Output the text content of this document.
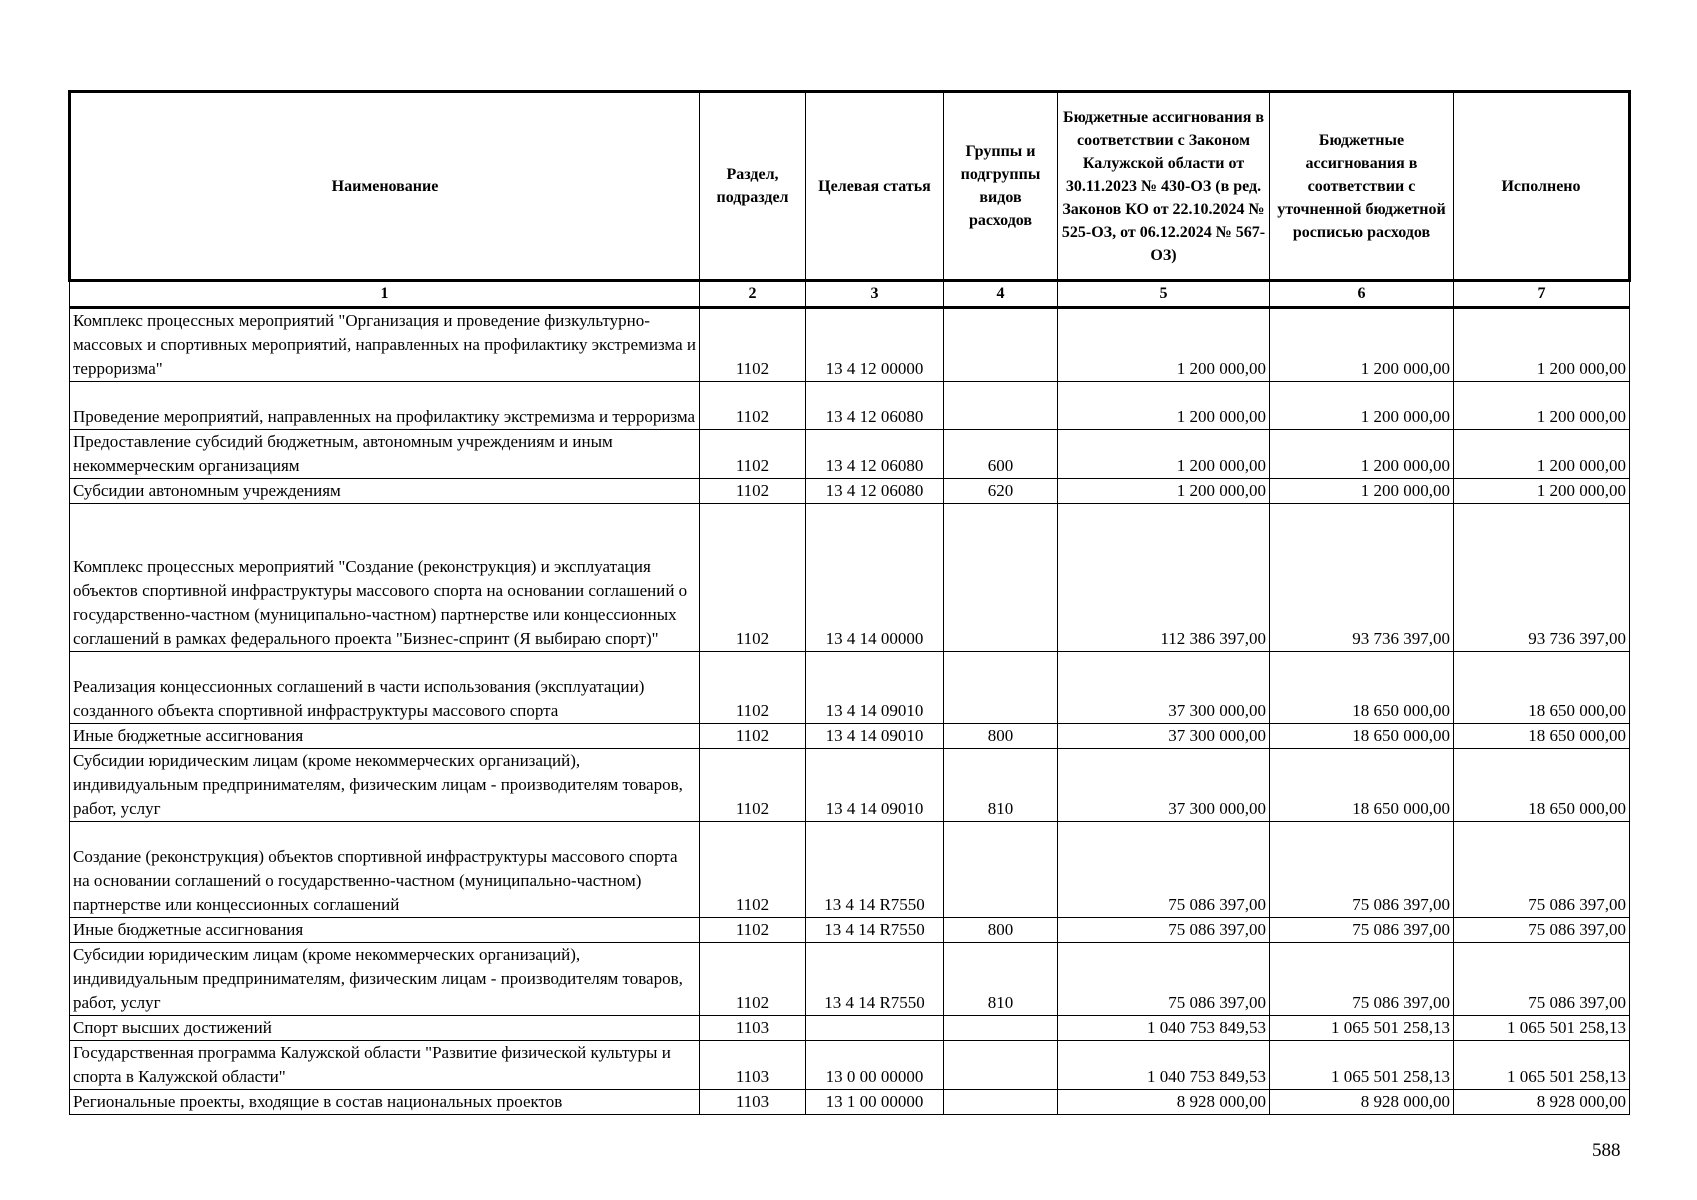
Наименование	Раздел, подраздел	Целевая статья	Группы и подгруппы видов расходов	Бюджетные ассигнования в соответствии с Законом Калужской области от 30.11.2023 № 430-ОЗ (в ред. Законов КО от 22.10.2024 № 525-ОЗ, от 06.12.2024 № 567-ОЗ)	Бюджетные ассигнования в соответствии с уточненной бюджетной росписью расходов	Исполнено
1	2	3	4	5	6	7
Комплекс процессных мероприятий "Организация и проведение физкультурно-массовых и спортивных мероприятий, направленных на профилактику экстремизма и терроризма"	1102	13 4 12 00000		1 200 000,00	1 200 000,00	1 200 000,00
Проведение мероприятий, направленных на профилактику экстремизма и терроризма	1102	13 4 12 06080		1 200 000,00	1 200 000,00	1 200 000,00
Предоставление субсидий бюджетным, автономным учреждениям и иным некоммерческим организациям	1102	13 4 12 06080	600	1 200 000,00	1 200 000,00	1 200 000,00
Субсидии автономным учреждениям	1102	13 4 12 06080	620	1 200 000,00	1 200 000,00	1 200 000,00
Комплекс процессных мероприятий "Создание (реконструкция) и эксплуатация объектов спортивной инфраструктуры массового спорта на основании соглашений о государственно-частном (муниципально-частном) партнерстве или концессионных соглашений в рамках федерального проекта "Бизнес-спринт (Я выбираю спорт)"	1102	13 4 14 00000		112 386 397,00	93 736 397,00	93 736 397,00
Реализация концессионных соглашений в части использования (эксплуатации) созданного объекта спортивной инфраструктуры массового спорта	1102	13 4 14 09010		37 300 000,00	18 650 000,00	18 650 000,00
Иные бюджетные ассигнования	1102	13 4 14 09010	800	37 300 000,00	18 650 000,00	18 650 000,00
Субсидии юридическим лицам (кроме некоммерческих организаций), индивидуальным предпринимателям, физическим лицам - производителям товаров, работ, услуг	1102	13 4 14 09010	810	37 300 000,00	18 650 000,00	18 650 000,00
Создание (реконструкция) объектов спортивной инфраструктуры массового спорта на основании соглашений о государственно-частном (муниципально-частном) партнерстве или концессионных соглашений	1102	13 4 14 R7550		75 086 397,00	75 086 397,00	75 086 397,00
Иные бюджетные ассигнования	1102	13 4 14 R7550	800	75 086 397,00	75 086 397,00	75 086 397,00
Субсидии юридическим лицам (кроме некоммерческих организаций), индивидуальным предпринимателям, физическим лицам - производителям товаров, работ, услуг	1102	13 4 14 R7550	810	75 086 397,00	75 086 397,00	75 086 397,00
Спорт высших достижений	1103			1 040 753 849,53	1 065 501 258,13	1 065 501 258,13
Государственная программа Калужской области "Развитие физической культуры и спорта в Калужской области"	1103	13 0 00 00000		1 040 753 849,53	1 065 501 258,13	1 065 501 258,13
Региональные проекты, входящие в состав национальных проектов	1103	13 1 00 00000		8 928 000,00	8 928 000,00	8 928 000,00
588
